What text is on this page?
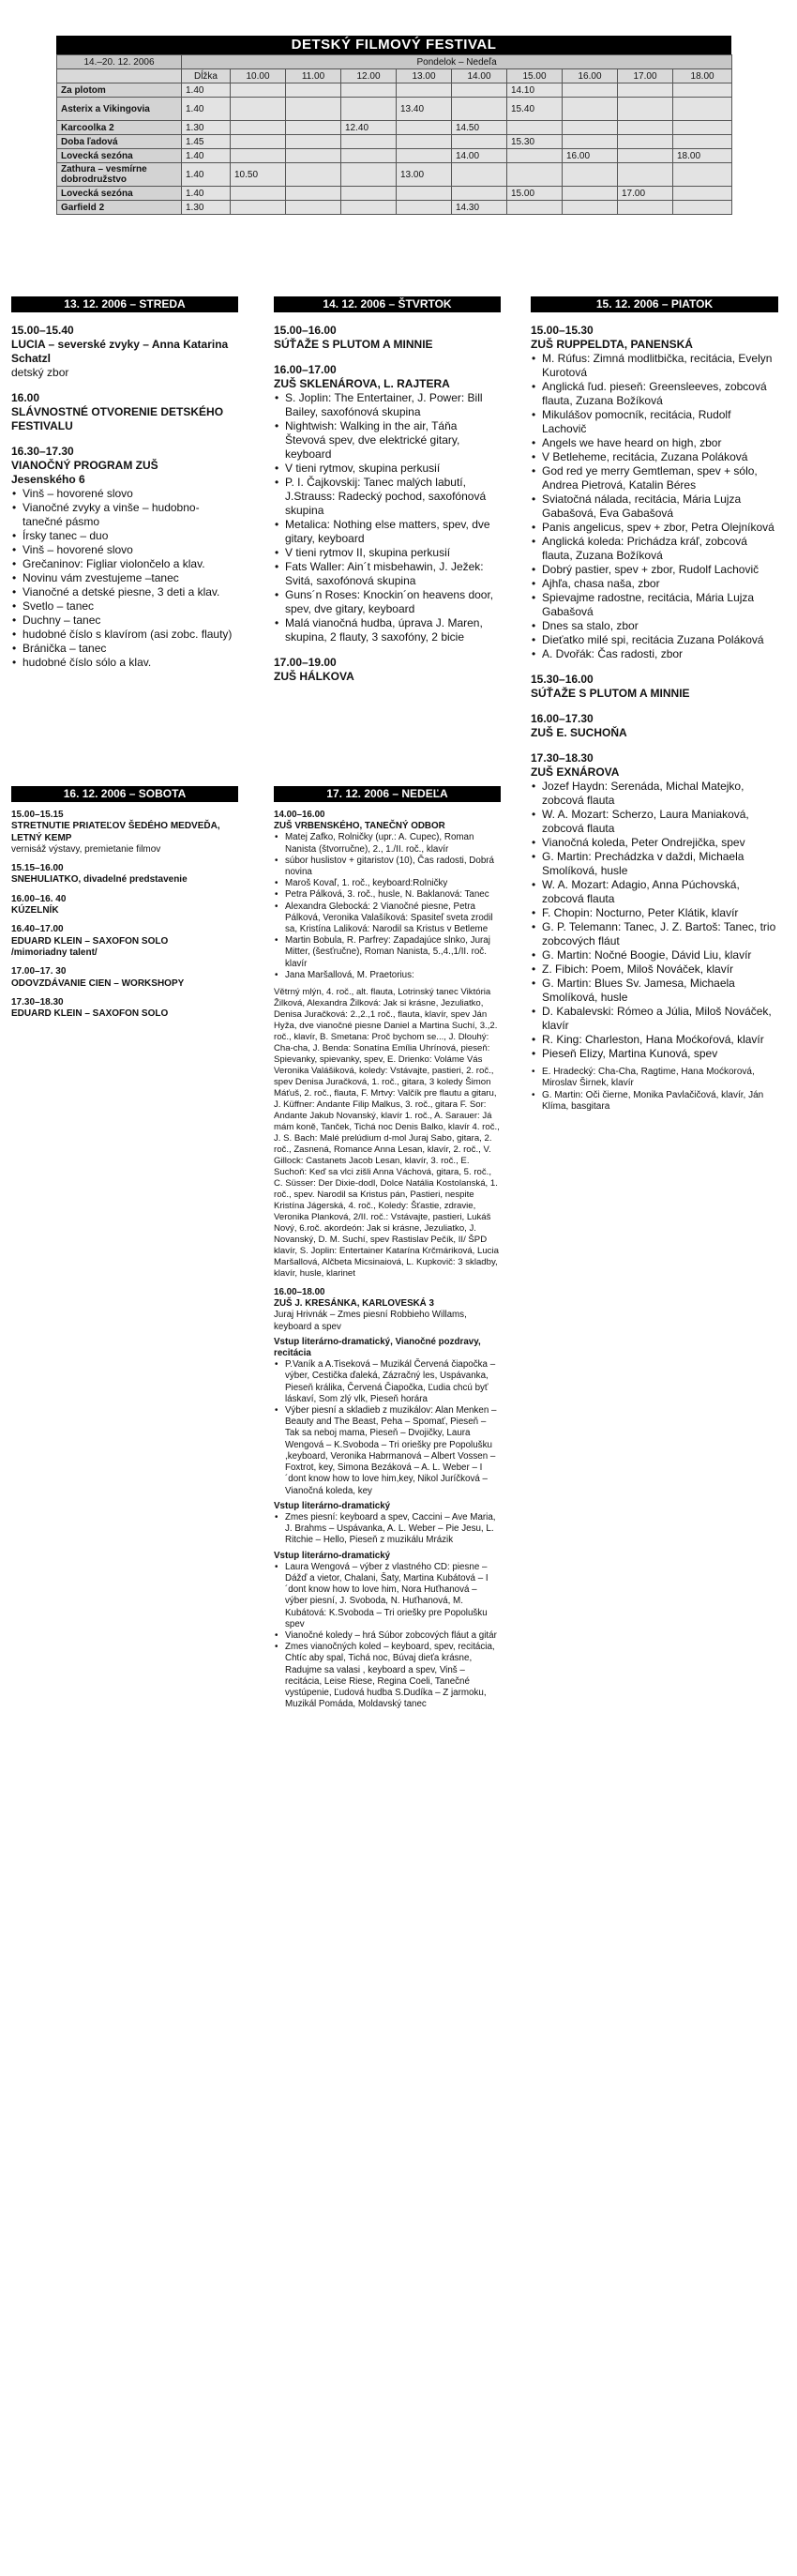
DETSKÝ FILMOVÝ FESTIVAL
14.–20. 12. 2006	Pondelok – Nedeľa									
	Dĺžka	10.00	11.00	12.00	13.00	14.00	15.00	16.00	17.00	18.00
Za plotom	1.40						14.10			
Asterix a Vikingovia	1.40				13.40		15.40			
Karcoolka 2	1.30			12.40		14.50				
Doba ľadová	1.45						15.30			
Lovecká sezóna	1.40					14.00		16.00		18.00
Zathura – vesmírne dobrodružstvo	1.40	10.50			13.00					
Lovecká sezóna	1.40						15.00		17.00	
Garfield 2	1.30					14.30				
13. 12. 2006 – STREDA
15.00–15.40
LUCIA – severské zvyky – Anna Katarina Schatzl
detský zbor
16.00
SLÁVNOSTNÉ OTVORENIE DETSKÉHO FESTIVALU
16.30–17.30
VIANOČNÝ PROGRAM ZUŠ
Jesenského 6
• Vinš – hovorené slovo
• Vianočné zvyky a vinše – hudobno-tanečné pásmo
• Írsky tanec – duo
• Vinš – hovorené slovo
• Grečaninov: Figliar violončelo a klav.
• Novinu vám zvestujeme –tanec
• Vianočné a detské piesne, 3 deti a klav.
• Svetlo – tanec
• Duchny – tanec
• hudobné číslo s klavírom (asi zobc. flauty)
• Bránička – tanec
• hudobné číslo sólo a klav.
14. 12. 2006 – ŠTVRTOK
15.00–16.00
SÚŤAŽE S PLUTOM A MINNIE
16.00–17.00
ZUŠ SKLENÁROVA, L. RAJTERA
• S. Joplin: The Entertainer, J. Power: Bill Bailey, saxofónová skupina
• Nightwish: Walking in the air, Táňa Števová spev, dve elektrické gitary, keyboard
• V tieni rytmov, skupina perkusií
• P. I. Čajkovskij: Tanec malých labutí, J.Strauss: Radecký pochod, saxofónová skupina
• Metalica: Nothing else matters, spev, dve gitary, keyboard
• V tieni rytmov II, skupina perkusií
• Fats Waller: Ain´t misbehawin, J. Ježek: Svitá, saxofónová skupina
• Guns´n Roses: Knockin´on heavens door, spev, dve gitary, keyboard
• Malá vianočná hudba, úprava J. Maren, skupina, 2 flauty, 3 saxofóny, 2 bicie
17.00–19.00
ZUŠ HÁLKOVA
15. 12. 2006 – PIATOK
15.00–15.30
ZUŠ RUPPELDTA, PANENSKÁ
• M. Rúfus: Zimná modlitbička, recitácia, Evelyn Kurotová
• Anglická ľud. pieseň: Greensleeves, zobcová flauta, Zuzana Božíková
• Mikulášov pomocník, recitácia, Rudolf Lachovič
• Angels we have heard on high, zbor
• V Betleheme, recitácia, Zuzana Poláková
• God red ye merry Gemtleman, spev + sólo, Andrea Pietrová, Katalin Béres
• Sviatočná nálada, recitácia, Mária Lujza Gabašová, Eva Gabašová
• Panis angelicus, spev + zbor, Petra Olejníková
• Anglická koleda: Prichádza kráľ, zobcová flauta, Zuzana Božíková
• Dobrý pastier, spev + zbor, Rudolf Lachovič
• Ajhľa, chasa naša, zbor
• Spievajme radostne, recitácia, Mária Lujza Gabašová
• Dnes sa stalo, zbor
• Dieťatko milé spi, recitácia Zuzana Poláková
• A. Dvořák: Čas radosti, zbor
15.30–16.00
SÚŤAŽE S PLUTOM A MINNIE
16.00–17.30
ZUŠ E. SUCHOŇA
17.30–18.30
ZUŠ EXNÁROVA
• Jozef Haydn: Serenáda, Michal Matejko, zobcová flauta
• W. A. Mozart: Scherzo, Laura Maniaková, zobcová flauta
• Vianočná koleda, Peter Ondrejička, spev
• G. Martin: Prechádzka v daždi, Michaela Smolíková, husle
• W. A. Mozart: Adagio, Anna Púchovská, zobcová flauta
• F. Chopin: Nocturno, Peter Klátik, klavír
• G. P. Telemann: Tanec, J. Z. Bartoš: Tanec, trio zobcových fláut
• G. Martin: Nočné Boogie, Dávid Liu, klavír
• Z. Fibich: Poem, Miloš Nováček, klavír
• G. Martin: Blues Sv. Jamesa, Michaela Smolíková, husle
• D. Kabalevski: Rómeo a Júlia, Miloš Nováček, klavír
• R. King: Charleston, Hana Moćkoŕová, klavír
• Pieseň Elizy, Martina Kunová, spev
• E. Hradecký: Cha-Cha, Ragtime, Hana Moćkorová, Miroslav Širnek, klavír
• G. Martin: Oči čierne, Monika Pavlačičová, klavír, Ján Klíma, basgitara
16. 12. 2006 – SOBOTA
15.00–15.15
STRETNUTIE PRIATEĽOV ŠEDÉHO MEDVEĎA, LETNÝ KEMP
vernisáž výstavy, premietanie filmov
15.15–16.00
SNEHULIATKO, divadelné predstavenie
16.00–16. 40
KÚZELNÍK
16.40–17.00
EDUARD KLEIN – SAXOFON SOLO
/mimoriadny talent/
17.00–17. 30
ODOVZDÁVANIE CIEN – WORKSHOPY
17.30–18.30
EDUARD KLEIN – SAXOFON SOLO
17. 12. 2006 – NEDEĽA
14.00–16.00
ZUŠ VRBENSKÉHO, TANEČNÝ ODBOR
• Matej Zafko, Rolničky (upr.: A. Cupec), Roman Nanista (štvorručne), 2., 1./II. roč., klavír
• súbor huslistov + gitaristov (10), Čas radosti, Dobrá novina
• Maroš Kovaľ, 1. roč., keyboard:Rolničky
• Petra Pálková, 3. roč., husle, N. Baklanová: Tanec
• Alexandra Glebocká: 2 Vianočné piesne, Petra Pálková, Veronika Valašíková: Spasiteľ sveta zrodil sa, Kristína Laliková: Narodil sa Kristus v Betleme
• Martin Bobula, R. Parfrey: Zapadajúce slnko, Juraj Mitter, (šesťručne), Roman Nanista, 5.,4.,1/II. roč. klavír
• Jana Maršallová, M. Praetorius:
Větrný mlýn, 4. roč., alt. flauta, Lotrinský tanec Viktória Žilková, Alexandra Žilková: Jak si krásne, Jezuliatko, Denisa Juračková: 2.,2.,1 roč., flauta, klavír, spev Ján Hyža, dve vianočné piesne Daniel a Martina Suchí, 3.,2. roč., klavír, B. Smetana: Proč bychom se..., J. Dlouhý: Cha-cha, J. Benda: Sonatína Emília Uhrínová, pieseň: Spievanky, spievanky, spev, E. Drienko: Voláme Vás Veronika Valášiková, koledy: Vstávajte, pastieri, 2. roč., spev Denisa Juračková, 1. roč., gitara, 3 koledy Šimon Máťuš, 2. roč., flauta, F. Mrtvy: Valčík pre flautu a gitaru, J. Küffner: Andante Filip Malkus, 3. roč., gitara F. Sor: Andante Jakub Novanský, klavír 1. roč., A. Sarauer: Já mám koně, Tanček, Tichá noc Denis Balko, klavír 4. roč., J. S. Bach: Malé prelúdium d-mol Juraj Sabo, gitara, 2. roč., Zasnená, Romance Anna Lesan, klavír, 2. roč., V. Gillock: Castanets Jacob Lesan, klavír, 3. roč., E. Suchoň: Keď sa vlci zišli Anna Váchová, gitara, 5. roč., C. Süsser: Der Dixie-dodl, Dolce Natália Kostolanská, 1. roč., spev. Narodil sa Kristus pán, Pastieri, nespite Kristína Jágerská, 4. roč., Koledy: Šťastie, zdravie, Veronika Planková, 2/II. roč.: Vstávajte, pastieri, Lukáš Nový, 6.roč. akordeón: Jak si krásne, Jezuliatko, J. Novanský, D. M. Suchí, spev Rastislav Pečík, II/ ŠPD klavír, S. Joplin: Entertainer Katarína Krčmáriková, Lucia Maršallová, Alčbeta Micsinaiová, L. Kupkovič: 3 skladby, klavír, husle, klarinet
16.00–18.00
ZUŠ J. KRESÁNKA, KARLOVESKÁ 3
Juraj Hrivnák – Zmes piesní Robbieho Willams, keyboard a spev
Vstup literárno-dramatický, Vianočné pozdravy, recitácia
• P.Vaník a A.Tiseková – Muzikál Červená čiapočka – výber, Cestička ďaleká, Zázračný les, Uspávanka, Pieseň králika, Červená Čiapočka, Ľudia chcú byť láskaví, Som zlý vlk, Pieseň horára
• Výber piesní a skladieb z muzikálov: Alan Menken – Beauty and The Beast, Peha – Spomať, Pieseň – Tak sa neboj mama, Pieseň – Dvojičky, Laura Wengová – K.Svoboda – Tri oriešky pre Popolušku ,keyboard, Veronika Habrmanová – Albert Vossen – Foxtrot, key, Simona Bezáková – A. L. Weber – I´dont know how to love him,key, Nikol Juríčková – Vianočná koleda, key
Vstup literárno-dramatický
• Zmes piesní: keyboard a spev, Caccini – Ave Maria, J. Brahms – Uspávanka, A. L. Weber – Pie Jesu, L. Ritchie – Hello, Pieseň z muzikálu Mrázik
Vstup literárno-dramatický
• Laura Wengová – výber z vlastného CD: piesne – Dážď a vietor, Chalani, Šaty, Martina Kubátová – I´dont know how to love him, Nora Huťhanová – výber piesní, J. Svoboda, N. Huťhanová, M. Kubátová: K.Svoboda – Tri oriešky pre Popolušku spev
• Vianočné koledy – hrá Súbor zobcových fláut a gitár
• Zmes vianočných koled – keyboard, spev, recitácia, Chtíc aby spal, Tichá noc, Búvaj dieťa krásne, Radujme sa valasi , keyboard a spev, Vinš – recitácia, Leise Riese, Regina Coeli, Tanečné vystúpenie, Ľudová hudba S.Dudíka – Z jarmoku, Muzikál Pomáda, Moldavský tanec
